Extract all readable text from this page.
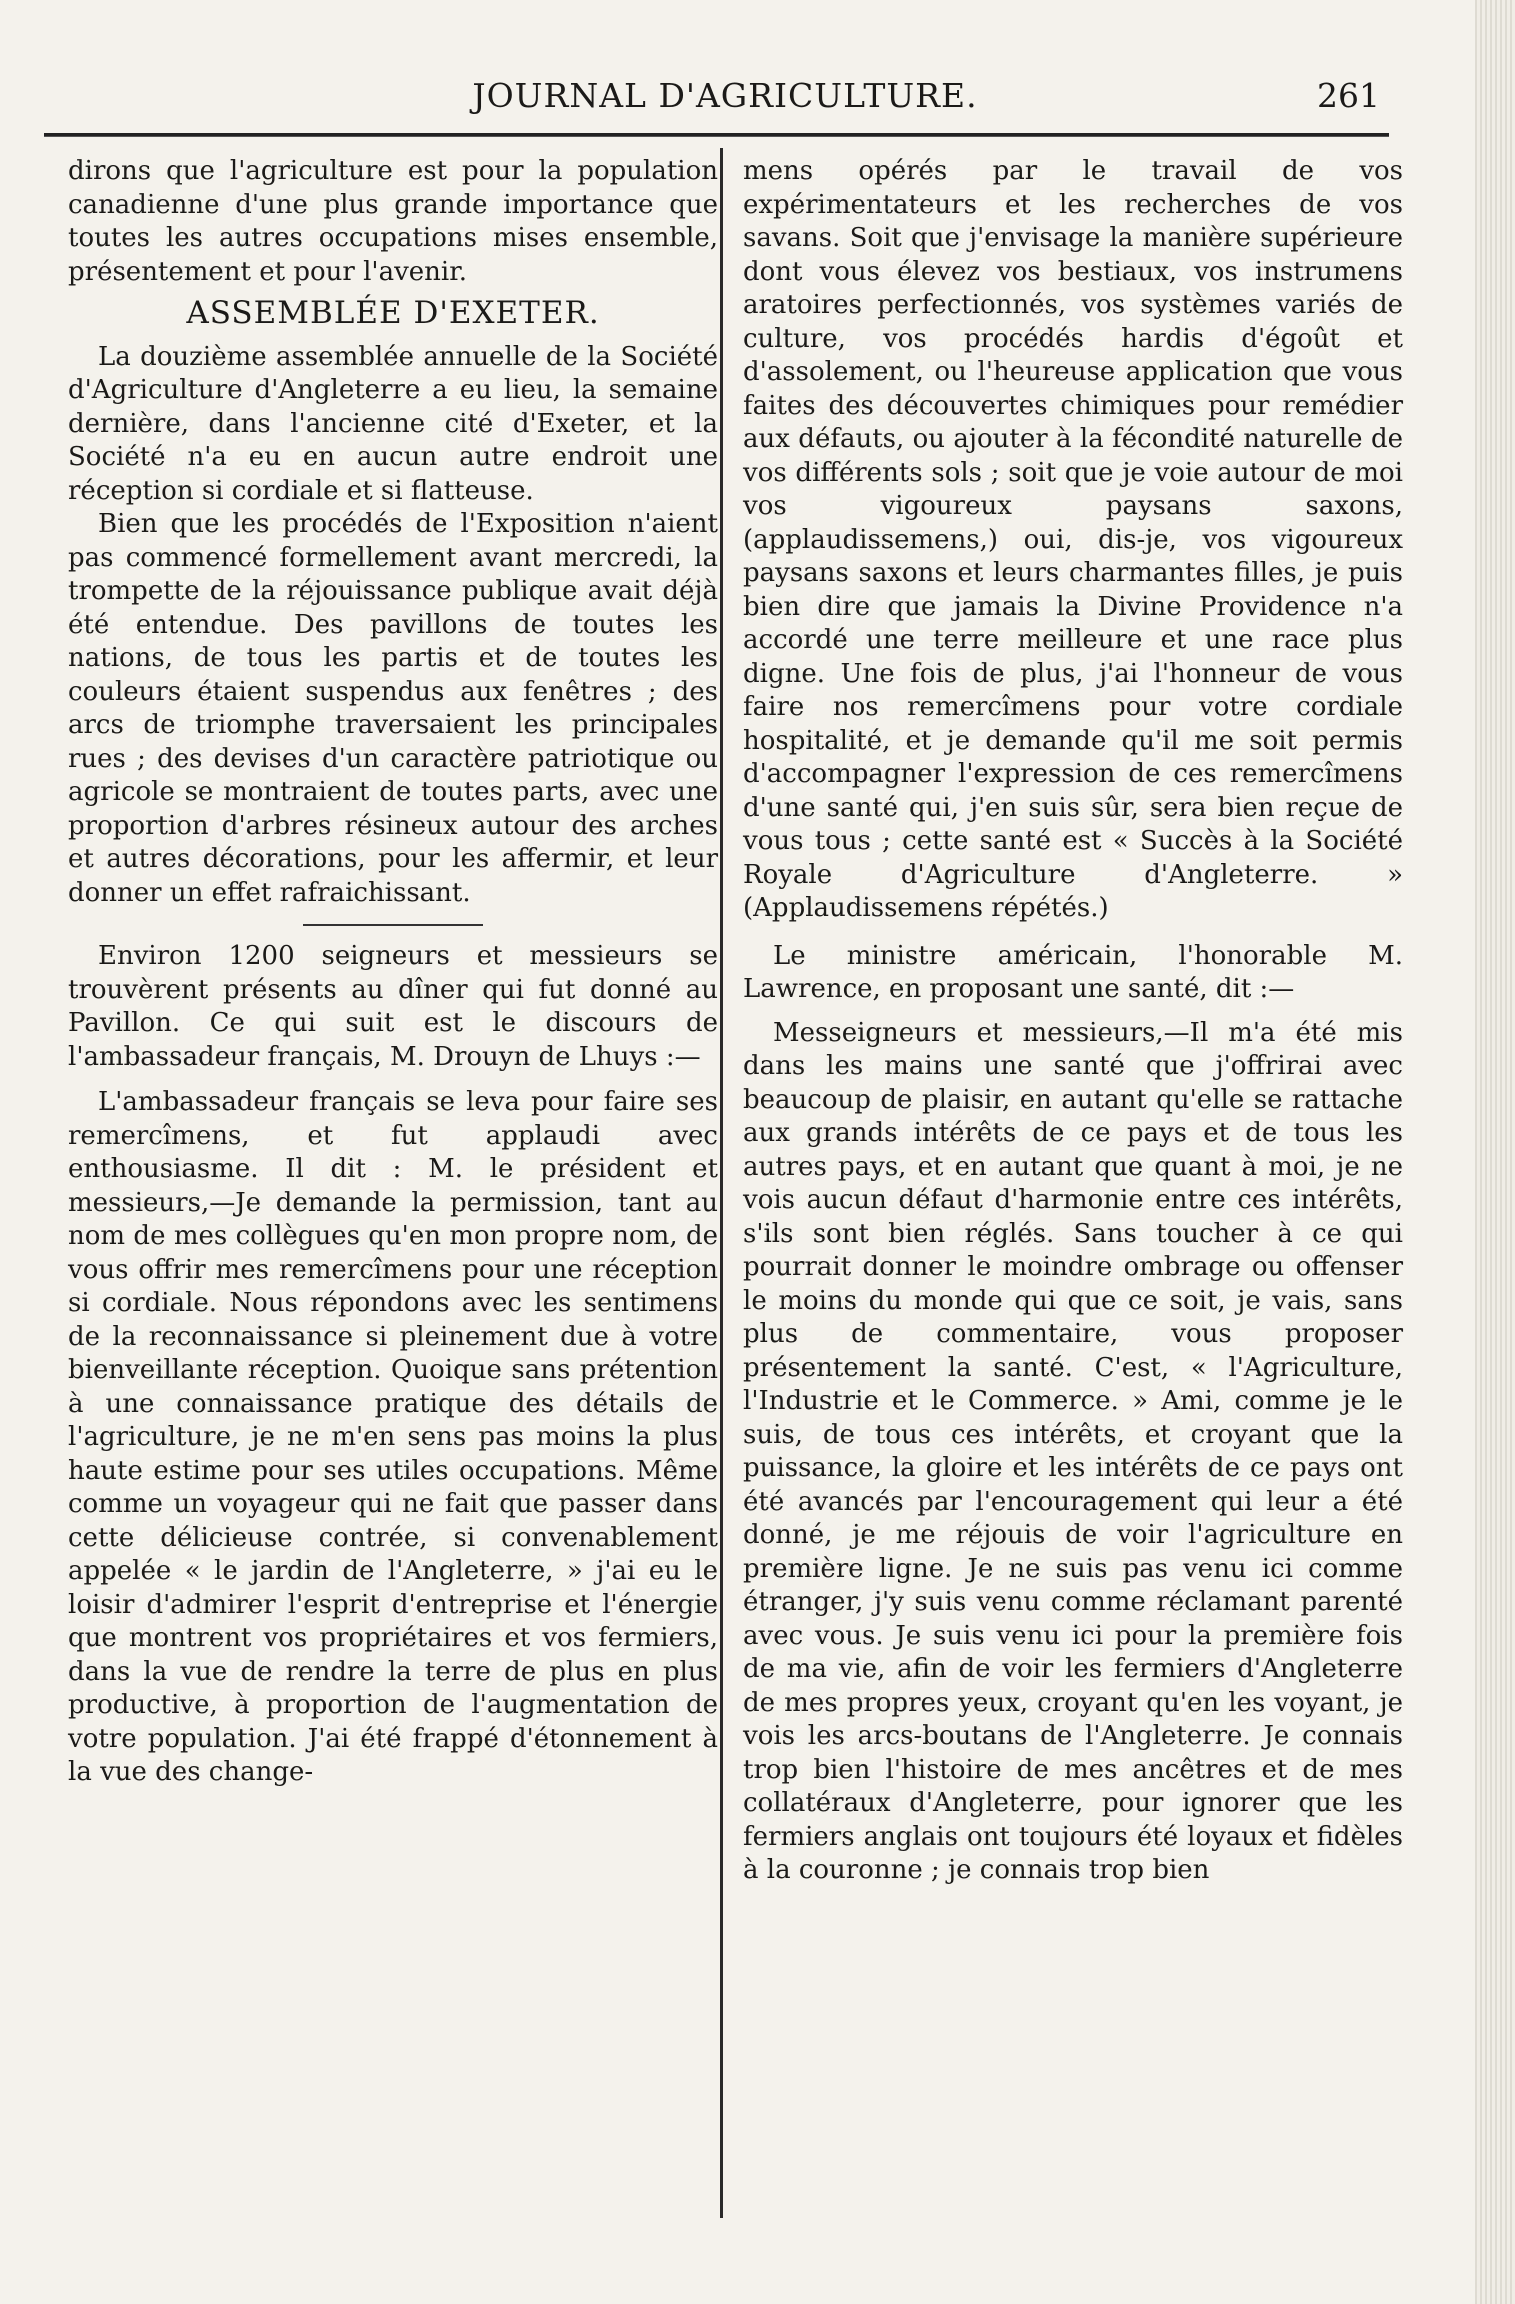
JOURNAL D'AGRICULTURE.	261

dirons que l'agriculture est pour la population canadienne d'une plus grande importance que toutes les autres occupations mises ensemble, présentement et pour l'avenir.

ASSEMBLÉE D'EXETER.

La douzième assemblée annuelle de la Société d'Agriculture d'Angleterre a eu lieu, la semaine dernière, dans l'ancienne cité d'Exeter, et la Société n'a eu en aucun autre endroit une réception si cordiale et si flatteuse.

Bien que les procédés de l'Exposition n'aient pas commencé formellement avant mercredi, la trompette de la réjouissance publique avait déjà été entendue. Des pavillons de toutes les nations, de tous les partis et de toutes les couleurs étaient suspendus aux fenêtres ; des arcs de triomphe traversaient les principales rues ; des devises d'un caractère patriotique ou agricole se montraient de toutes parts, avec une proportion d'arbres résineux autour des arches et autres décorations, pour les affermir, et leur donner un effet rafraichissant.

Environ 1200 seigneurs et messieurs se trouvèrent présents au dîner qui fut donné au Pavillon. Ce qui suit est le discours de l'ambassadeur français, M. Drouyn de Lhuys :—

L'ambassadeur français se leva pour faire ses remercîmens, et fut applaudi avec enthousiasme. Il dit : M. le président et messieurs,—Je demande la permission, tant au nom de mes collègues qu'en mon propre nom, de vous offrir mes remercîmens pour une réception si cordiale. Nous répondons avec les sentimens de la reconnaissance si pleinement due à votre bienveillante réception. Quoique sans prétention à une connaissance pratique des détails de l'agriculture, je ne m'en sens pas moins la plus haute estime pour ses utiles occupations. Même comme un voyageur qui ne fait que passer dans cette délicieuse contrée, si convenablement appelée « le jardin de l'Angleterre, » j'ai eu le loisir d'admirer l'esprit d'entreprise et l'énergie que montrent vos propriétaires et vos fermiers, dans la vue de rendre la terre de plus en plus productive, à proportion de l'augmentation de votre population. J'ai été frappé d'étonnement à la vue des change-

mens opérés par le travail de vos expérimentateurs et les recherches de vos savans. Soit que j'envisage la manière supérieure dont vous élevez vos bestiaux, vos instrumens aratoires perfectionnés, vos systèmes variés de culture, vos procédés hardis d'égoût et d'assolement, ou l'heureuse application que vous faites des découvertes chimiques pour remédier aux défauts, ou ajouter à la fécondité naturelle de vos différents sols ; soit que je voie autour de moi vos vigoureux paysans saxons, (applaudissemens,) oui, dis-je, vos vigoureux paysans saxons et leurs charmantes filles, je puis bien dire que jamais la Divine Providence n'a accordé une terre meilleure et une race plus digne. Une fois de plus, j'ai l'honneur de vous faire nos remercîmens pour votre cordiale hospitalité, et je demande qu'il me soit permis d'accompagner l'expression de ces remercîmens d'une santé qui, j'en suis sûr, sera bien reçue de vous tous ; cette santé est « Succès à la Société Royale d'Agriculture d'Angleterre. » (Applaudissemens répétés.)

Le ministre américain, l'honorable M. Lawrence, en proposant une santé, dit :—

Messeigneurs et messieurs,—Il m'a été mis dans les mains une santé que j'offrirai avec beaucoup de plaisir, en autant qu'elle se rattache aux grands intérêts de ce pays et de tous les autres pays, et en autant que quant à moi, je ne vois aucun défaut d'harmonie entre ces intérêts, s'ils sont bien réglés. Sans toucher à ce qui pourrait donner le moindre ombrage ou offenser le moins du monde qui que ce soit, je vais, sans plus de commentaire, vous proposer présentement la santé. C'est, « l'Agriculture, l'Industrie et le Commerce. » Ami, comme je le suis, de tous ces intérêts, et croyant que la puissance, la gloire et les intérêts de ce pays ont été avancés par l'encouragement qui leur a été donné, je me réjouis de voir l'agriculture en première ligne. Je ne suis pas venu ici comme étranger, j'y suis venu comme réclamant parenté avec vous. Je suis venu ici pour la première fois de ma vie, afin de voir les fermiers d'Angleterre de mes propres yeux, croyant qu'en les voyant, je vois les arcs-boutans de l'Angleterre. Je connais trop bien l'histoire de mes ancêtres et de mes collatéraux d'Angleterre, pour ignorer que les fermiers anglais ont toujours été loyaux et fidèles à la couronne ; je connais trop bien
